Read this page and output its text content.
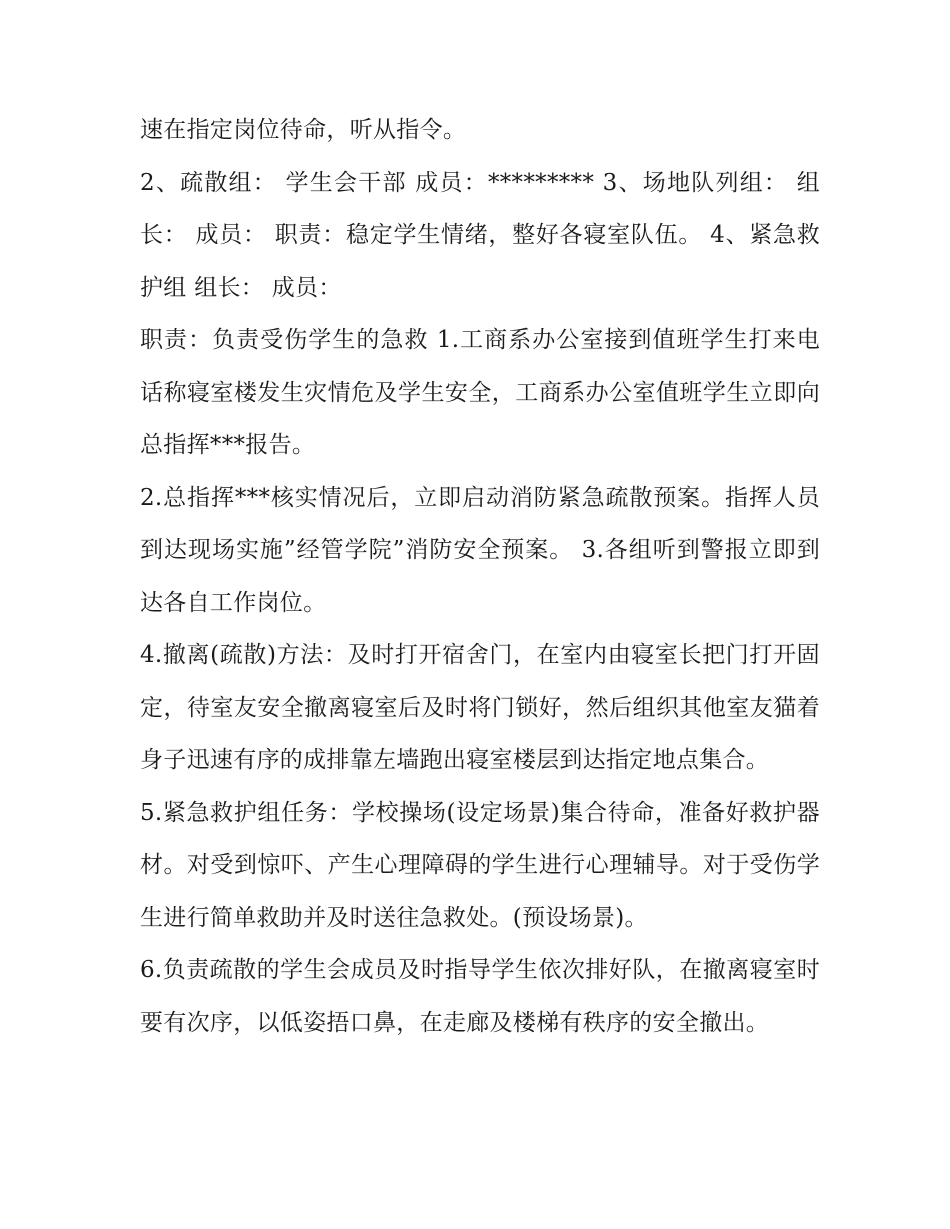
速在指定岗位待命，听从指令。

2、疏散组： 学生会干部 成员：********* 3、场地队列组： 组长： 成员： 职责：稳定学生情绪，整好各寝室队伍。 4、紧急救护组 组长： 成员：

职责：负责受伤学生的急救 1.工商系办公室接到值班学生打来电话称寝室楼发生灾情危及学生安全，工商系办公室值班学生立即向总指挥***报告。

2.总指挥***核实情况后，立即启动消防紧急疏散预案。指挥人员到达现场实施”经管学院”消防安全预案。 3.各组听到警报立即到达各自工作岗位。

4.撤离(疏散)方法：及时打开宿舍门，在室内由寝室长把门打开固定，待室友安全撤离寝室后及时将门锁好，然后组织其他室友猫着身子迅速有序的成排靠左墙跑出寝室楼层到达指定地点集合。

5.紧急救护组任务：学校操场(设定场景)集合待命，准备好救护器材。对受到惊吓、产生心理障碍的学生进行心理辅导。对于受伤学生进行简单救助并及时送往急救处。(预设场景)。

6.负责疏散的学生会成员及时指导学生依次排好队，在撤离寝室时要有次序，以低姿捂口鼻，在走廊及楼梯有秩序的安全撤出。
